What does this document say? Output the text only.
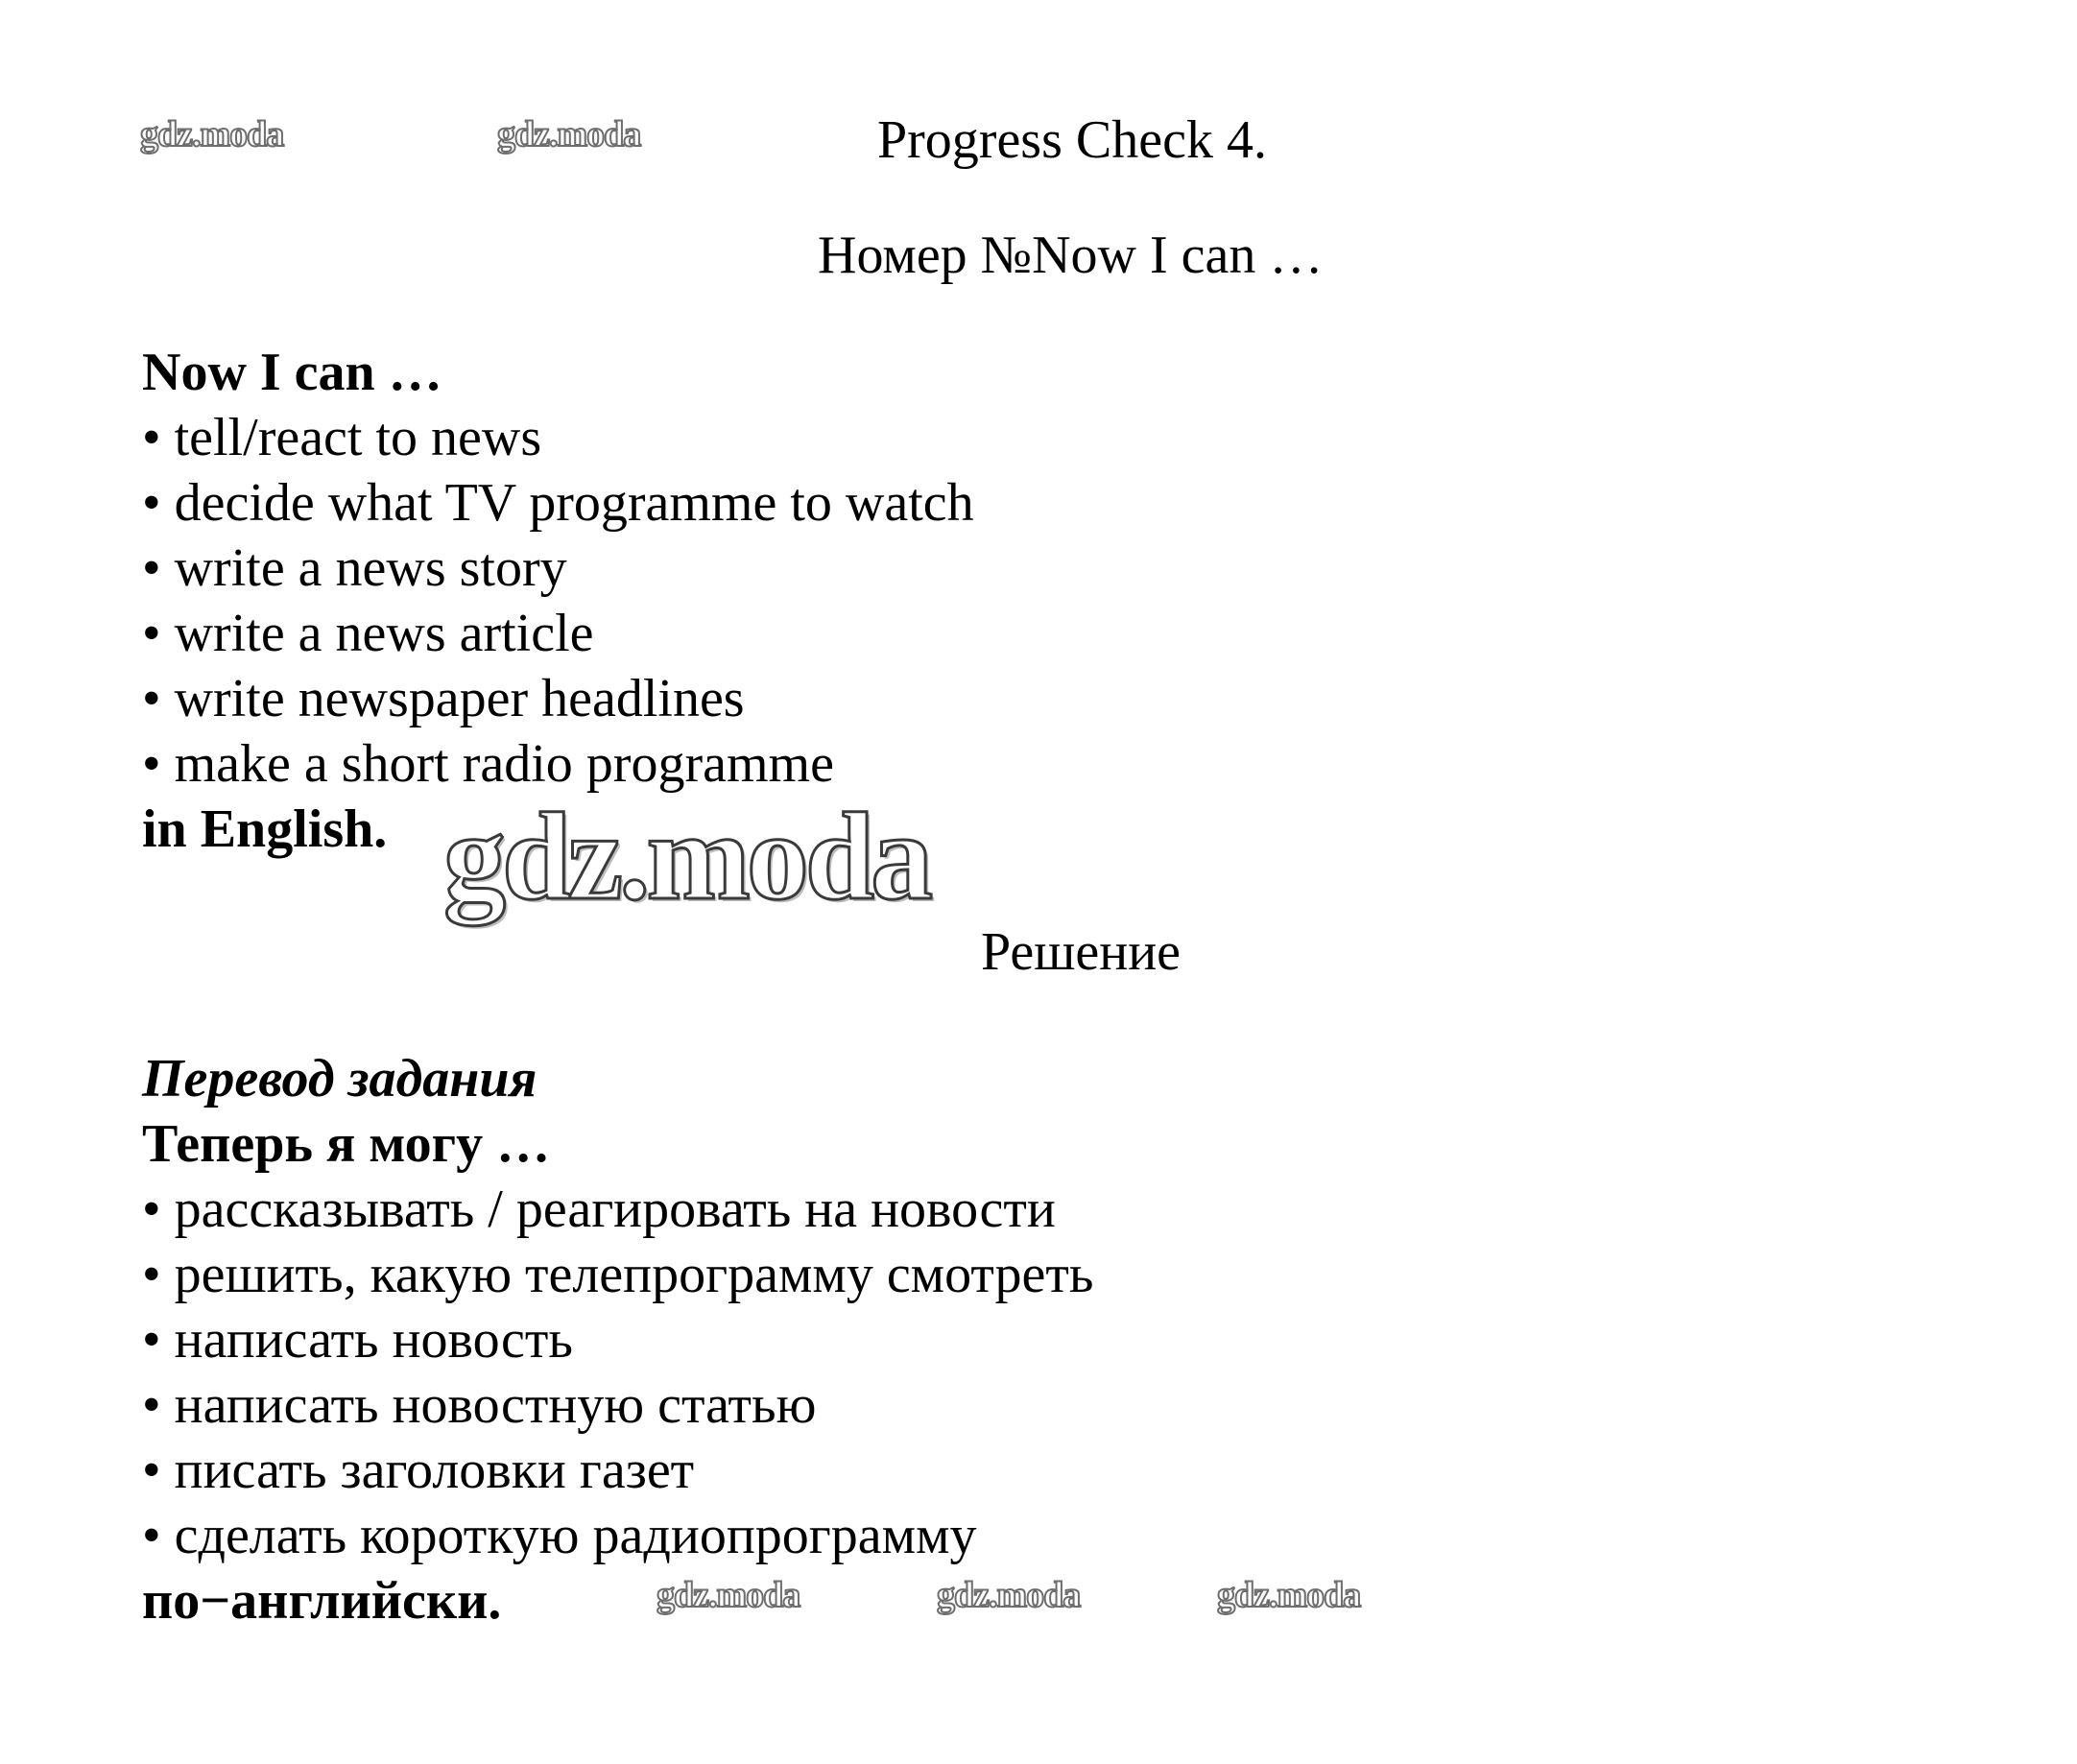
gdz.moda	gdz.moda	Progress Check 4.
Номер №Now I can …
Now I can …
• tell/react to news
• decide what TV programme to watch
• write a news story
• write a news article
• write newspaper headlines
• make a short radio programme
in English. gdz.moda
Решение
Перевод задания
Теперь я могу …
• рассказывать / реагировать на новости
• решить, какую телепрограмму смотреть
• написать новость
• написать новостную статью
• писать заголовки газет
• сделать короткую радиопрограмму
по−английски.	gdz.moda	gdz.moda	gdz.moda
